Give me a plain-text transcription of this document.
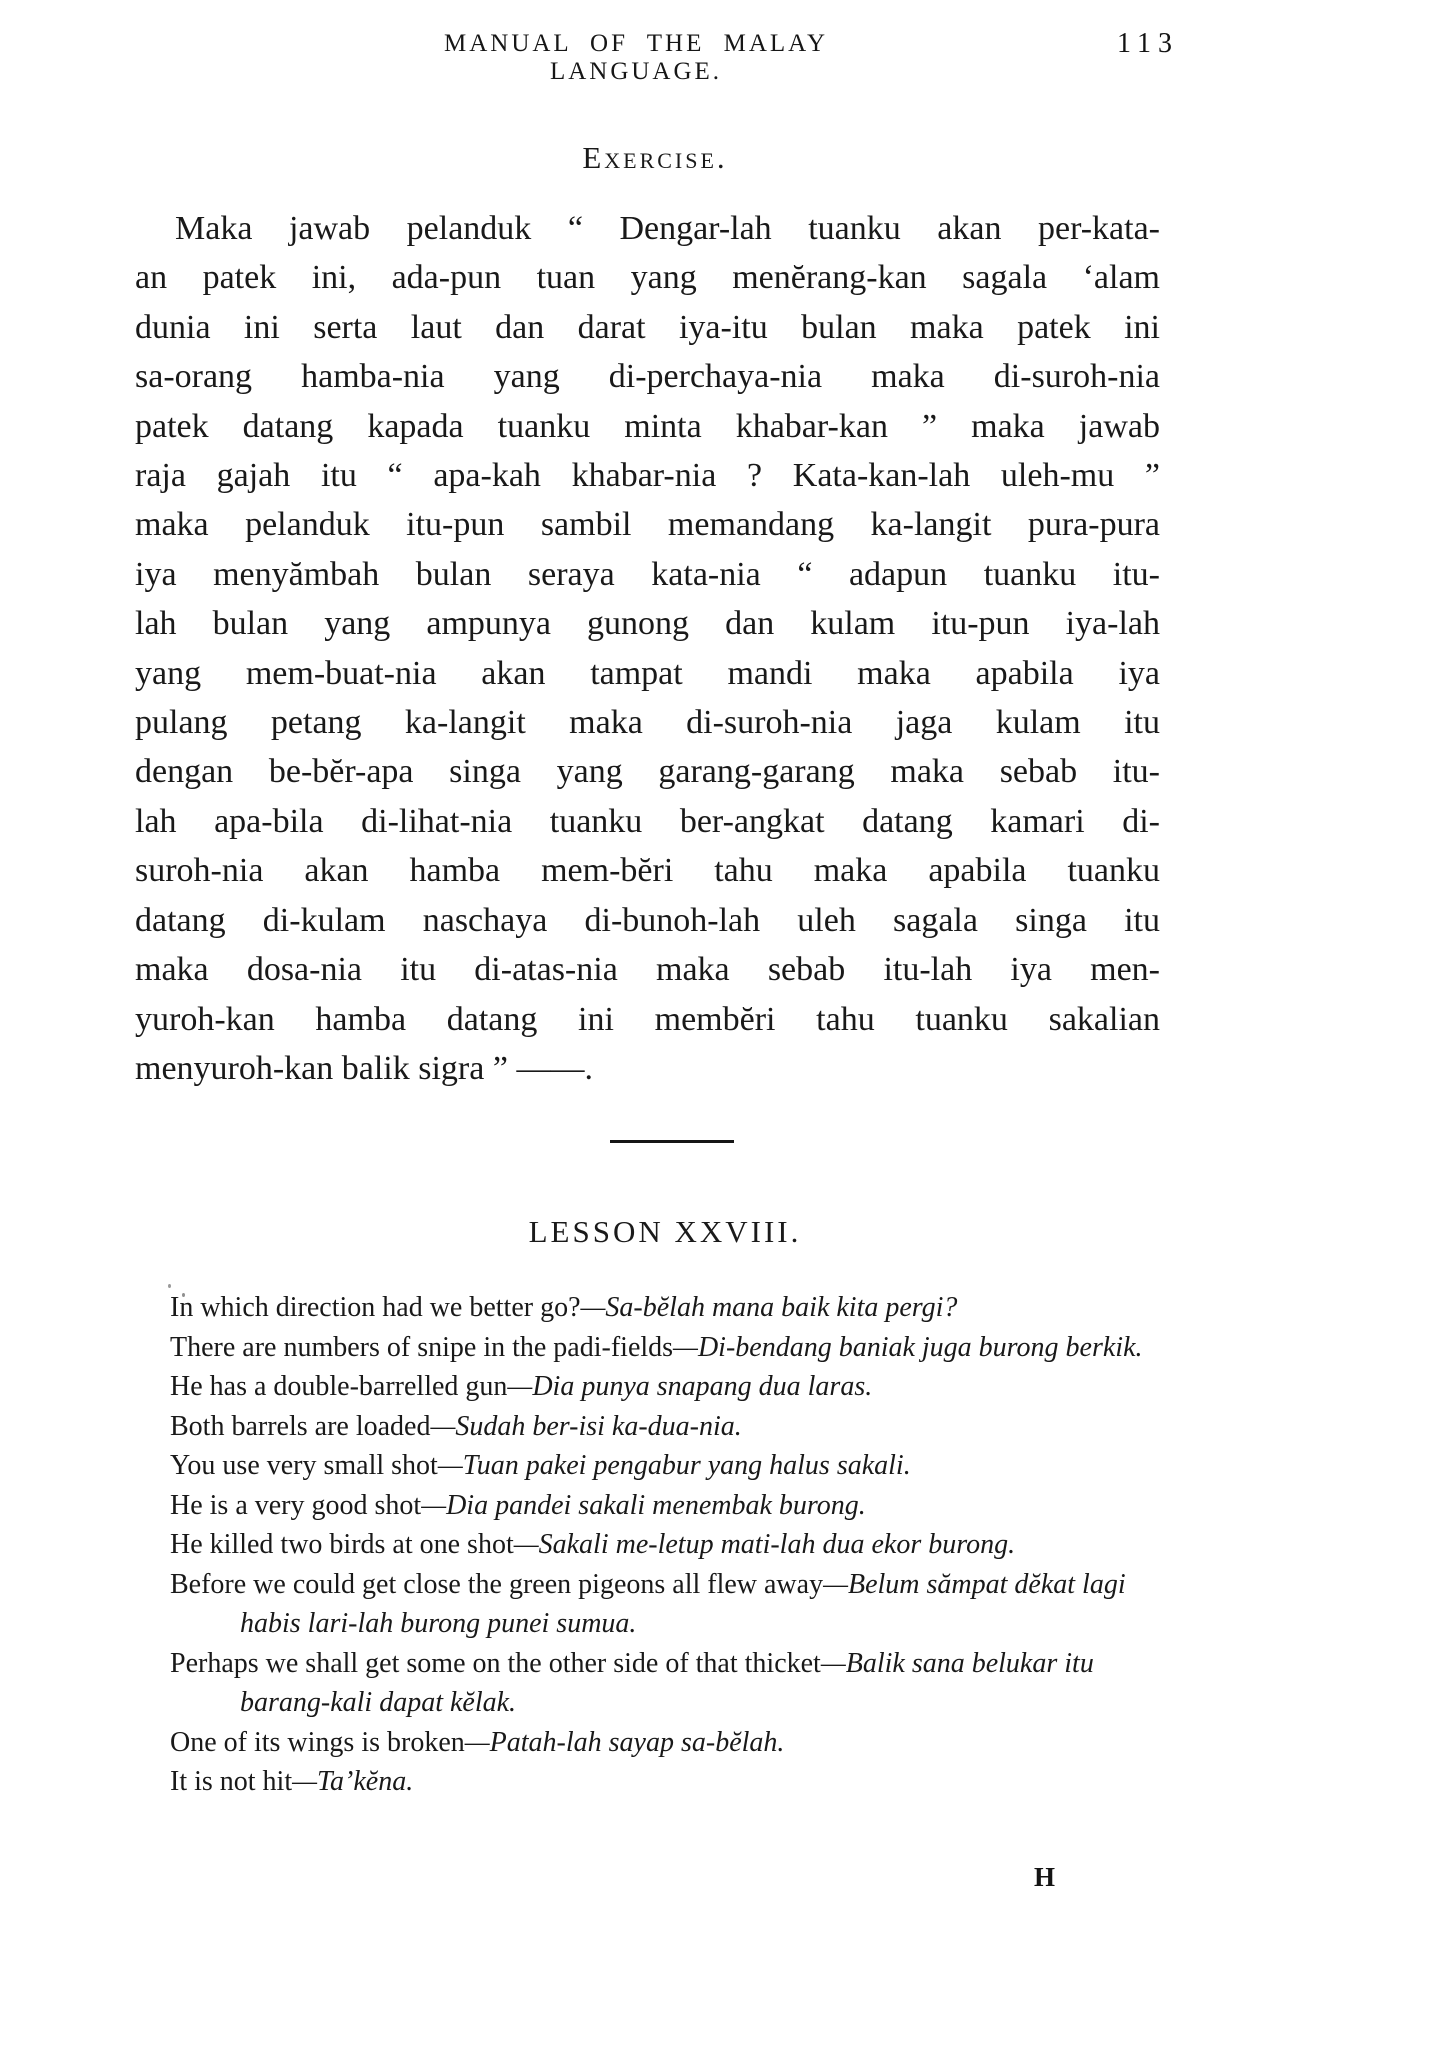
MANUAL OF THE MALAY LANGUAGE.
113
Exercise.
Maka jawab pelanduk “ Dengar-lah tuanku akan per-kata-
an patek ini, ada-pun tuan yang menĕrang-kan sagala ‘alam
dunia ini serta laut dan darat iya-itu bulan maka patek ini
sa-orang hamba-nia yang di-perchaya-nia maka di-suroh-nia
patek datang kapada tuanku minta khabar-kan ” maka jawab
raja gajah itu “ apa-kah khabar-nia ? Kata-kan-lah uleh-mu ”
maka pelanduk itu-pun sambil memandang ka-langit pura-pura
iya menyămbah bulan seraya kata-nia “ adapun tuanku itu-
lah bulan yang ampunya gunong dan kulam itu-pun iya-lah
yang mem-buat-nia akan tampat mandi maka apabila iya
pulang petang ka-langit maka di-suroh-nia jaga kulam itu
dengan be-bĕr-apa singa yang garang-garang maka sebab itu-
lah apa-bila di-lihat-nia tuanku ber-angkat datang kamari di-
suroh-nia akan hamba mem-bĕri tahu maka apabila tuanku
datang di-kulam naschaya di-bunoh-lah uleh sagala singa itu
maka dosa-nia itu di-atas-nia maka sebab itu-lah iya men-
yuroh-kan hamba datang ini membĕri tahu tuanku sakalian
menyuroh-kan balik sigra ” ——.
LESSON XXVIII.
In which direction had we better go?—Sa-bĕlah mana baik kita pergi?
There are numbers of snipe in the padi-fields—Di-bendang baniak juga burong berkik.
He has a double-barrelled gun—Dia punya snapang dua laras.
Both barrels are loaded—Sudah ber-isi ka-dua-nia.
You use very small shot—Tuan pakei pengabur yang halus sakali.
He is a very good shot—Dia pandei sakali menembak burong.
He killed two birds at one shot—Sakali me-letup mati-lah dua ekor burong.
Before we could get close the green pigeons all flew away—Belum sămpat dĕkat lagi habis lari-lah burong punei sumua.
Perhaps we shall get some on the other side of that thicket—Balik sana belukar itu barang-kali dapat kĕlak.
One of its wings is broken—Patah-lah sayap sa-bĕlah.
It is not hit—Ta’kĕna.
H
